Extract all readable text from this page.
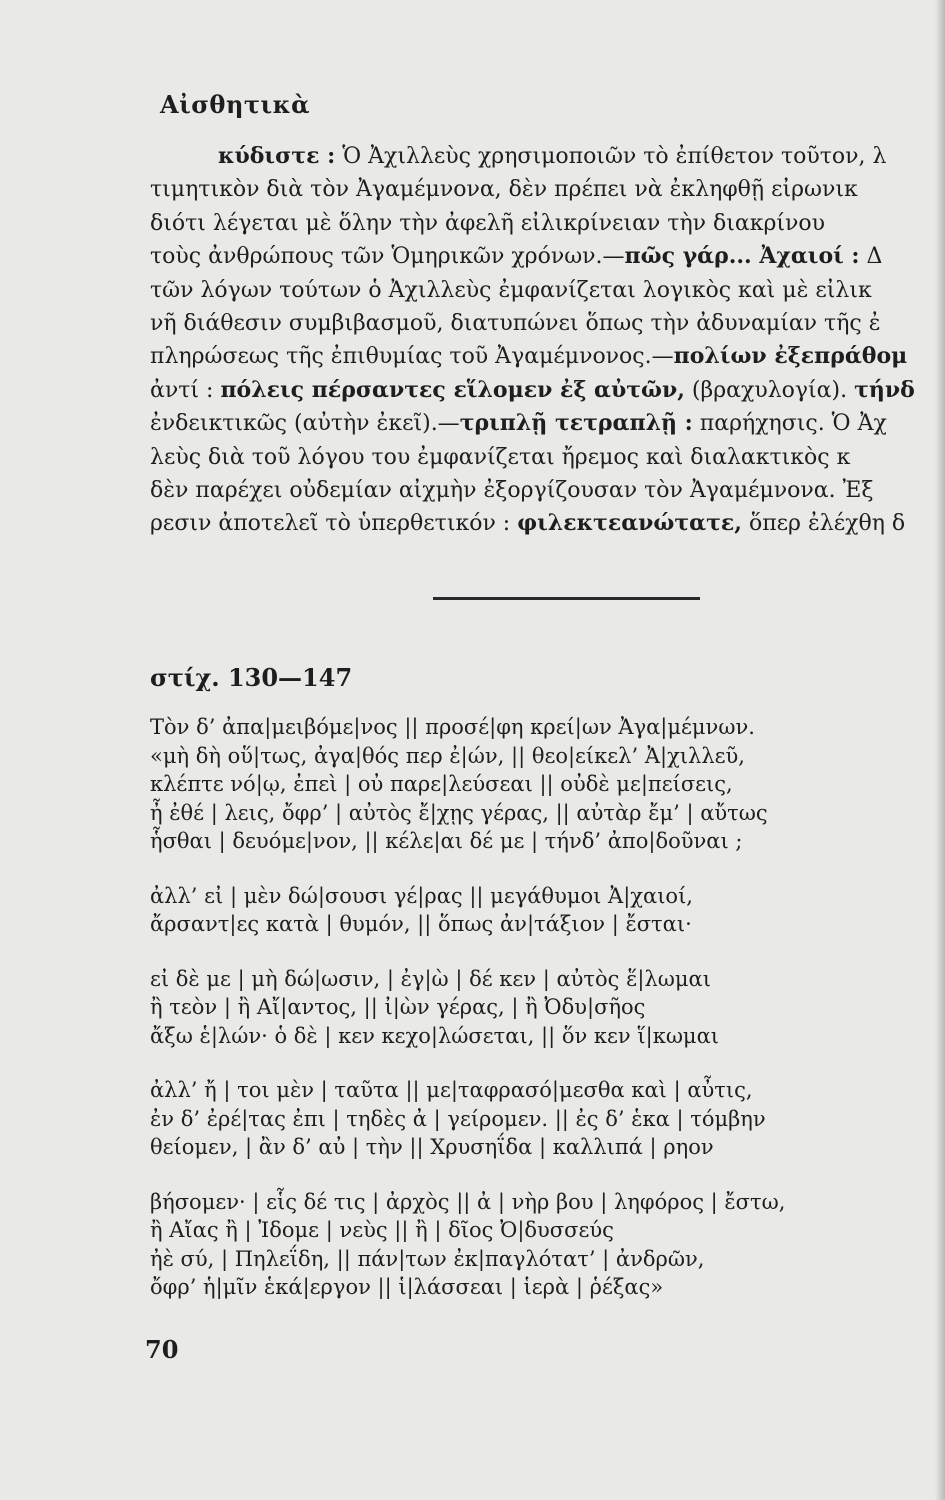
Αἰσθητικὰ
κύδιστε : Ὁ Ἀχιλλεὺς χρησιμοποιῶν τὸ ἐπίθετον τοῦτον, λ
τιμητικὸν διὰ τὸν Ἀγαμέμνονα, δὲν πρέπει νὰ ἐκληφθῇ εἰρωνικ
διότι λέγεται μὲ ὅλην τὴν ἀφελῆ εἰλικρίνειαν τὴν διακρίνου
τοὺς ἀνθρώπους τῶν Ὁμηρικῶν χρόνων.—πῶς γάρ... Ἀχαιοί : Δ
τῶν λόγων τούτων ὁ Ἀχιλλεὺς ἐμφανίζεται λογικὸς καὶ μὲ εἰλικ
νῆ διάθεσιν συμβιβασμοῦ, διατυπώνει ὅπως τὴν ἀδυναμίαν τῆς ἐ
πληρώσεως τῆς ἐπιθυμίας τοῦ Ἀγαμέμνονος.—πολίων ἐξεπράθομ
ἀντί : πόλεις πέρσαντες εἵλομεν ἐξ αὐτῶν, (βραχυλογία). τήνδ
ἐνδεικτικῶς (αὐτὴν ἐκεῖ).—τριπλῇ τετραπλῇ : παρήχησις. Ὁ Ἀχ
λεὺς διὰ τοῦ λόγου του ἐμφανίζεται ἤρεμος καὶ διαλακτικὸς κ
δὲν παρέχει οὐδεμίαν αἰχμὴν ἐξοργίζουσαν τὸν Ἀγαμέμνονα. Ἐξ
ρεσιν ἀποτελεῖ τὸ ὑπερθετικόν : φιλεκτεανώτατε, ὅπερ ἐλέχθη δ
στίχ. 130—147
Τὸν δ’ ἀπα|μειβόμε|νος || προσέ|φη κρεί|ων Ἀγα|μέμνων.
«μὴ δὴ οὕ|τως, ἀγα|θός περ ἐ|ών, || θεο|είκελ’ Ἀ|χιλλεῦ,
κλέπτε νό|ῳ, ἐπεὶ | οὐ παρε|λεύσεαι || οὐδὲ με|πείσεις,
ἦ ἐθέ | λεις, ὄφρ’ | αὐτὸς ἔ|χῃς γέρας, || αὐτὰρ ἔμ’ | αὔτως
ἧσθαι | δευόμε|νον, || κέλε|αι δέ με | τήνδ’ ἀπο|δοῦναι ;
ἀλλ’ εἰ | μὲν δώ|σουσι γέ|ρας || μεγάθυμοι Ἀ|χαιοί,
ἄρσαντ|ες κατὰ | θυμόν, || ὅπως ἀν|τάξιον | ἔσται·
εἰ δὲ με | μὴ δώ|ωσιν, | ἐγ|ὼ | δέ κεν | αὐτὸς ἕ|λωμαι
ἢ τεὸν | ἢ Αἴ|αντος, || ἰ|ὼν γέρας, | ἢ Ὀδυ|σῆος
ἄξω ἑ|λών· ὁ δὲ | κεν κεχο|λώσεται, || ὅν κεν ἵ|κωμαι
ἀλλ’ ἤ | τοι μὲν | ταῦτα || με|ταφρασό|μεσθα καὶ | αὖτις,
ἐν δ’ ἐρέ|τας ἐπι | τηδὲς ἀ | γείρομεν. || ἐς δ’ ἑκα | τόμβην
θείομεν, | ἂν δ’ αὐ | τὴν || Χρυσηΐδα | καλλιπά | ρηον
βήσομεν· | εἷς δέ τις | ἀρχὸς || ἀ | νὴρ βου | ληφόρος | ἔστω,
ἢ Αἴας ἢ | Ἰδομε | νεὺς || ἢ | δῖος Ὀ|δυσσεύς
ἠὲ σύ, | Πηλεΐδη, || πάν|των ἐκ|παγλότατ’ | ἀνδρῶν,
ὄφρ’ ἡ|μῖν ἑκά|εργον || ἱ|λάσσεαι | ἱερὰ | ῥέξας»
70
